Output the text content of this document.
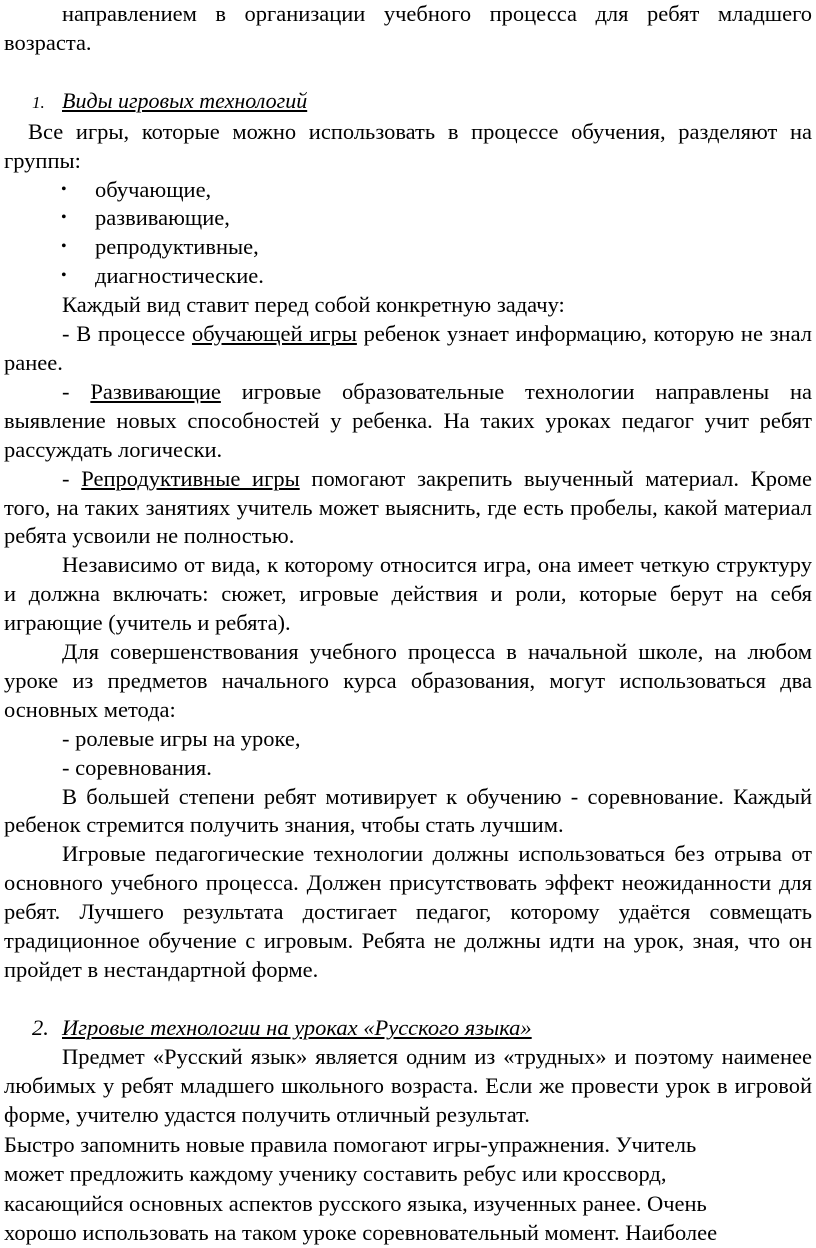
направлением в организации учебного процесса для ребят младшего

возраста.

1. Виды игровых технологий

Все игры, которые можно использовать в процессе обучения, разделяют на группы:

• обучающие,
• развивающие,
• репродуктивные,
• диагностические.

Каждый вид ставит перед собой конкретную задачу:

- В процессе обучающей игры ребенок узнает информацию, которую не знал ранее.

- Развивающие игровые образовательные технологии направлены на выявление новых способностей у ребенка. На таких уроках педагог учит ребят рассуждать логически.

- Репродуктивные игры помогают закрепить выученный материал. Кроме того, на таких занятиях учитель может выяснить, где есть пробелы, какой материал ребята усвоили не полностью.

Независимо от вида, к которому относится игра, она имеет четкую структуру и должна включать: сюжет, игровые действия и роли, которые берут на себя играющие (учитель и ребята).

Для совершенствования учебного процесса в начальной школе, на любом уроке из предметов начального курса образования, могут использоваться два основных метода:

- ролевые игры на уроке,

- соревнования.

В большей степени ребят мотивирует к обучению - соревнование. Каждый ребенок стремится получить знания, чтобы стать лучшим.

Игровые педагогические технологии должны использоваться без отрыва от основного учебного процесса. Должен присутствовать эффект неожиданности для ребят. Лучшего результата достигает педагог, которому удаётся совмещать традиционное обучение с игровым. Ребята не должны идти на урок, зная, что он пройдет в нестандартной форме.

2. Игровые технологии на уроках «Русского языка»

Предмет «Русский язык» является одним из «трудных» и поэтому наименее любимых у ребят младшего школьного возраста. Если же провести урок в игровой форме, учителю удастся получить отличный результат.

Быстро запомнить новые правила помогают игры-упражнения. Учитель

может предложить каждому ученику составить ребус или кроссворд,

касающийся основных аспектов русского языка, изученных ранее. Очень

хорошо использовать на таком уроке соревновательный момент. Наиболее
